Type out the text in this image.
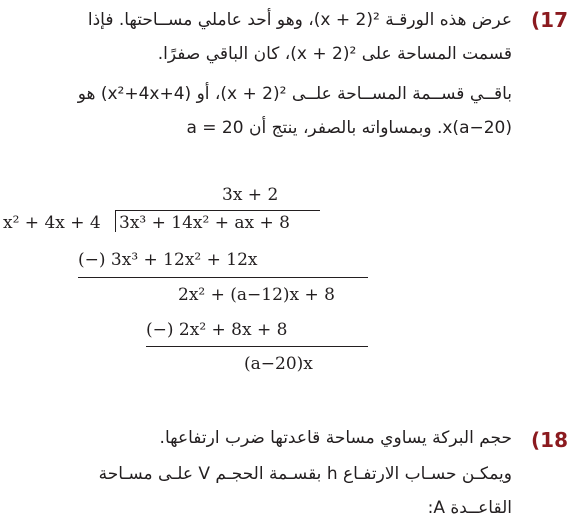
(17
عرض هذه الورقـة ²(x + 2)، وهو أحد عاملي مســاحتها. فإذا
قسمت المساحة على ²(x + 2)، كان الباقي صفرًا.
باقــي قســمة المســاحة علــى ²(x + 2)، أو (x²+4x+4) هو
(a−20)x. وبمساواته بالصفر، ينتج أن a = 20
3x + 2
x² + 4x + 4 3x³ + 14x² + ax + 8
(−) 3x³ + 12x² + 12x
2x² + (a−12)x + 8
(−) 2x² + 8x + 8
(a−20)x
(18
حجم البركة يساوي مساحة قاعدتها ضرب ارتفاعها.
ويمكـن حسـاب الارتفـاع h بقسـمة الحجـم V علـى مسـاحة
القاعــدة A:
